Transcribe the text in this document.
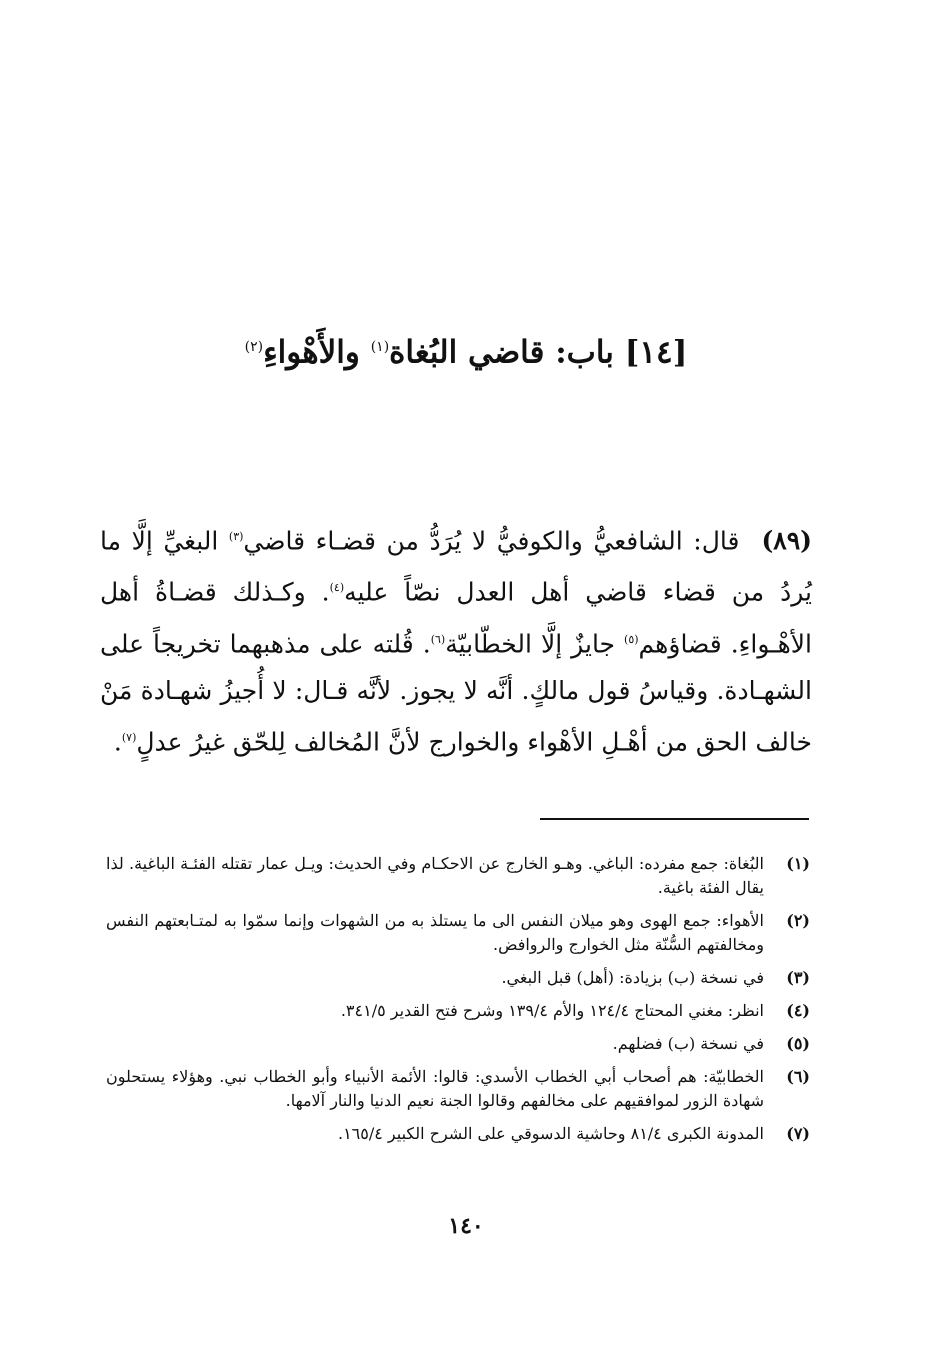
[١٤] باب: قاضي البُغاة$^{(١)}$ والأَهْواءِ$^{(٢)}$
(٨٩)قال: الشافعيُّ والكوفيُّ لا يُرَدُّ من قضـاء قاضي$^{(٣)}$ البغيِّ إلَّا ما يُردُ من قضاء قاضي أهل العدل نصّاً عليه$^{(٤)}$. وكـذلك قضـاةُ أهل الأهْـواءِ. قضاؤهم$^{(٥)}$ جايزٌ إلَّا الخطّابيّة$^{(٦)}$. قُلته على مذهبهما تخريجاً على الشهـادة. وقياسُ قول مالكٍ. أنَّه لا يجوز. لأنَّه قـال: لا أُجيزُ شهـادة مَنْ خالف الحق من أهْـلِ الأهْواء والخوارج لأنَّ المُخالف لِلحّق غيرُ عدلٍ$^{(٧)}$.
(١)
البُغاة: جمع مفرده: الباغي. وهـو الخارج عن الاحكـام وفي الحديث: ويـل عمار تقتله الفئـة الباغية. لذا يقال الفئة باغية.
(٢)
الأهواء: جمع الهوى وهو ميلان النفس الى ما يستلذ به من الشهوات وإنما سمّوا به لمتـابعتهم النفس ومخالفتهم السُّنّة مثل الخوارج والروافض.
(٣)
في نسخة (ب) بزيادة: (أهل) قبل البغي.
(٤)
انظر: مغني المحتاج ١٢٤/٤ والأم ١٣٩/٤ وشرح فتح القدير ٣٤١/٥.
(٥)
في نسخة (ب) فضلهم.
(٦)
الخطابيّة: هم أصحاب أبي الخطاب الأسدي: قالوا: الأئمة الأنبياء وأبو الخطاب نبي. وهؤلاء يستحلون شهادة الزور لموافقيهم على مخالفهم وقالوا الجنة نعيم الدنيا والنار آلامها.
(٧)
المدونة الكبرى ٨١/٤ وحاشية الدسوقي على الشرح الكبير ١٦٥/٤.
١٤٠
